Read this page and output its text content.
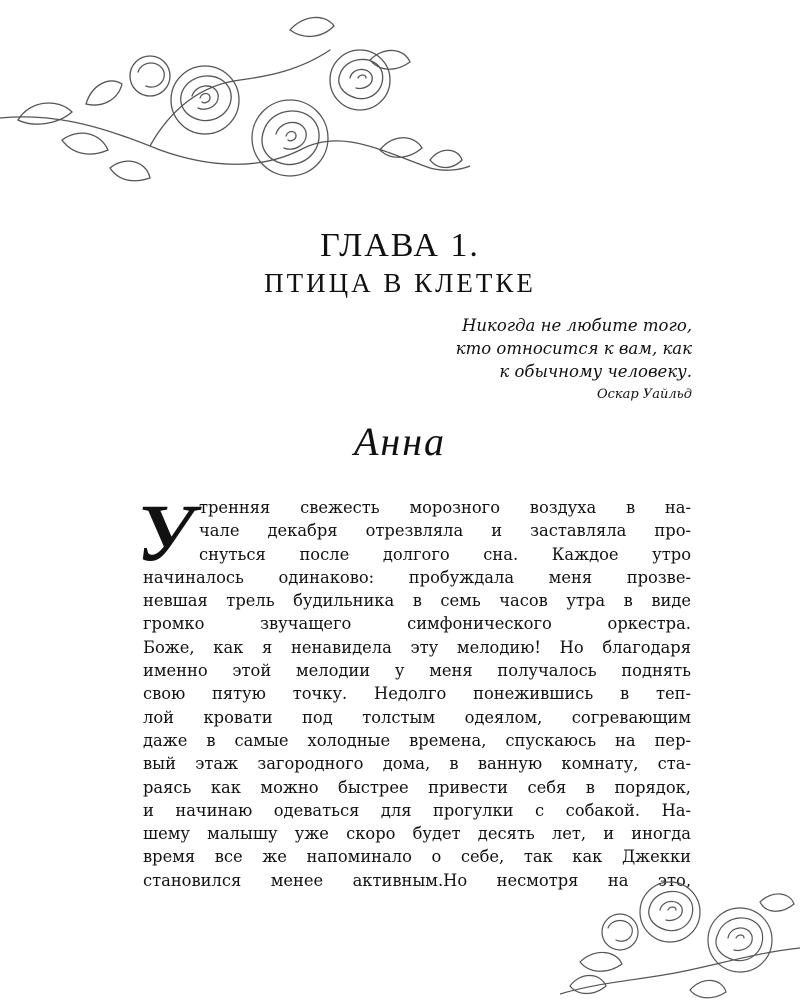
ГЛАВА 1.
ПТИЦА В КЛЕТКЕ
Никогда не любите того,
кто относится к вам, как
к обычному человеку.
Оскар Уайльд
Анна
У тренняя свежесть морозного воздуха в на-
чале декабря отрезвляла и заставляла про-
снуться после долгого сна. Каждое утро
начиналось одинаково: пробуждала меня прозве-
невшая трель будильника в семь часов утра в виде
громко звучащего симфонического оркестра.
Боже, как я ненавидела эту мелодию! Но благодаря
именно этой мелодии у меня получалось поднять
свою пятую точку. Недолго понежившись в теп-
лой кровати под толстым одеялом, согревающим
даже в самые холодные времена, спускаюсь на пер-
вый этаж загородного дома, в ванную комнату, ста-
раясь как можно быстрее привести себя в порядок,
и начинаю одеваться для прогулки с собакой. На-
шему малышу уже скоро будет десять лет, и иногда
время все же напоминало о себе, так как Джекки
становился менее активным.Но несмотря на это,
